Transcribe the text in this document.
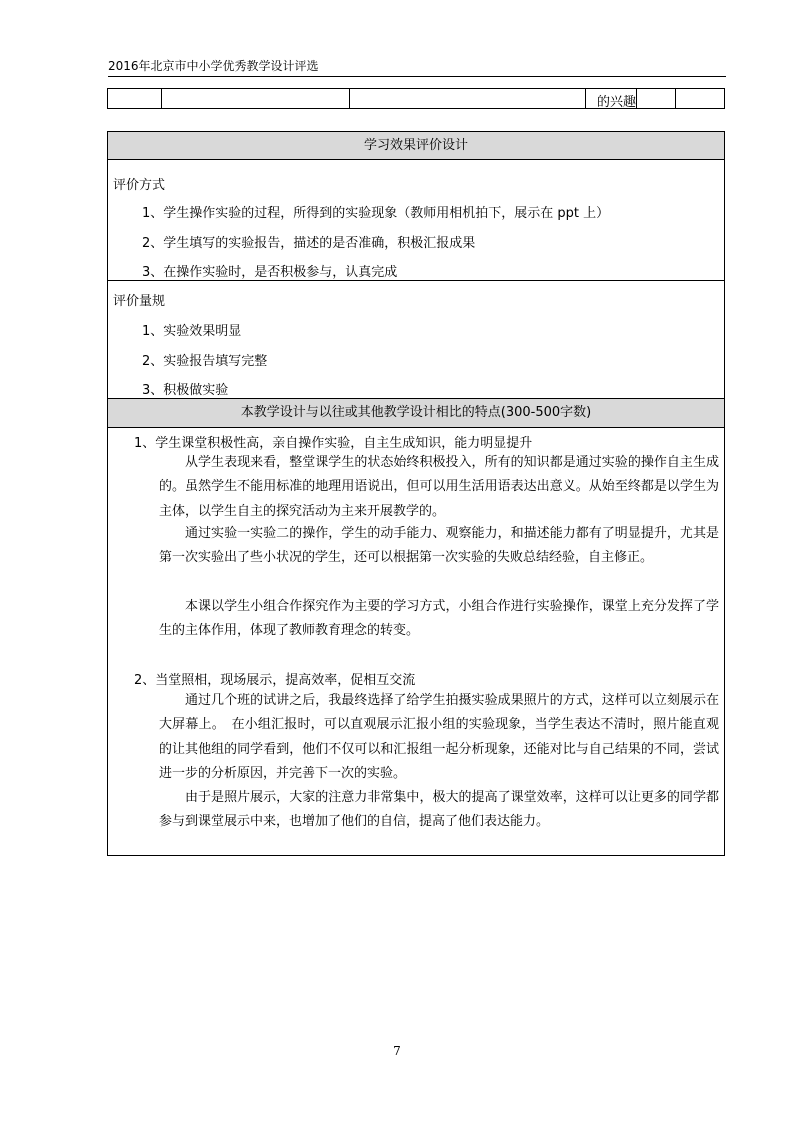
2016年北京市中小学优秀教学设计评选
的兴趣
学习效果评价设计
评价方式
1、学生操作实验的过程，所得到的实验现象（教师用相机拍下，展示在 ppt 上）
2、学生填写的实验报告，描述的是否准确，积极汇报成果
3、在操作实验时，是否积极参与，认真完成
评价量规
1、实验效果明显
2、实验报告填写完整
3、积极做实验
本教学设计与以往或其他教学设计相比的特点(300-500字数)
1、学生课堂积极性高，亲自操作实验，自主生成知识，能力明显提升
从学生表现来看，整堂课学生的状态始终积极投入，所有的知识都是通过实验的操作自主生成的。虽然学生不能用标准的地理用语说出，但可以用生活用语表达出意义。从始至终都是以学生为主体，以学生自主的探究活动为主来开展教学的。
通过实验一实验二的操作，学生的动手能力、观察能力，和描述能力都有了明显提升，尤其是第一次实验出了些小状况的学生，还可以根据第一次实验的失败总结经验，自主修正。
本课以学生小组合作探究作为主要的学习方式，小组合作进行实验操作，课堂上充分发挥了学生的主体作用，体现了教师教育理念的转变。
2、当堂照相，现场展示，提高效率，促相互交流
通过几个班的试讲之后，我最终选择了给学生拍摄实验成果照片的方式，这样可以立刻展示在大屏幕上。　在小组汇报时，可以直观展示汇报小组的实验现象，当学生表达不清时，照片能直观的让其他组的同学看到，他们不仅可以和汇报组一起分析现象，还能对比与自己结果的不同，尝试进一步的分析原因，并完善下一次的实验。
由于是照片展示，大家的注意力非常集中，极大的提高了课堂效率，这样可以让更多的同学都参与到课堂展示中来，也增加了他们的自信，提高了他们表达能力。
7
